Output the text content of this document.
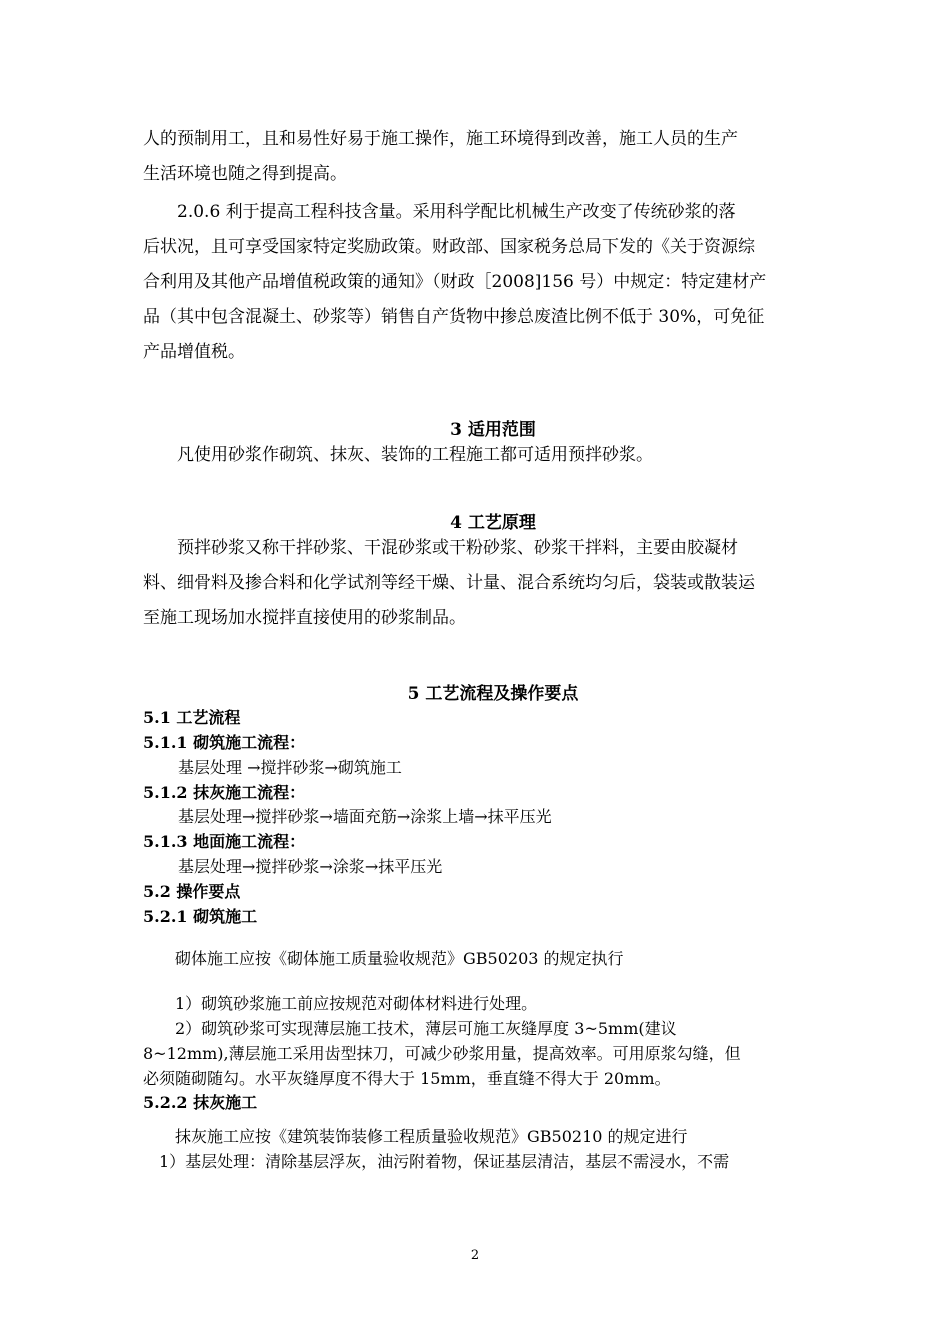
人的预制用工，且和易性好易于施工操作，施工环境得到改善，施工人员的生产
生活环境也随之得到提高。
　　2.0.6 利于提高工程科技含量。采用科学配比机械生产改变了传统砂浆的落
后状况，且可享受国家特定奖励政策。财政部、国家税务总局下发的《关于资源综
合利用及其他产品增值税政策的通知》（财政［2008]156 号）中规定：特定建材产
品（其中包含混凝土、砂浆等）销售自产货物中掺总废渣比例不低于 30%，可免征
产品增值税。
3 适用范围
　　凡使用砂浆作砌筑、抹灰、装饰的工程施工都可适用预拌砂浆。
4 工艺原理
　　预拌砂浆又称干拌砂浆、干混砂浆或干粉砂浆、砂浆干拌料，主要由胶凝材
料、细骨料及掺合料和化学试剂等经干燥、计量、混合系统均匀后，袋装或散装运
至施工现场加水搅拌直接使用的砂浆制品。
5 工艺流程及操作要点
5.1 工艺流程
5.1.1 砌筑施工流程：
基层处理 →搅拌砂浆→砌筑施工
5.1.2 抹灰施工流程：
基层处理→搅拌砂浆→墙面充筋→涂浆上墙→抹平压光
5.1.3 地面施工流程：
基层处理→搅拌砂浆→涂浆→抹平压光
5.2 操作要点
5.2.1 砌筑施工
　　砌体施工应按《砌体施工质量验收规范》GB50203 的规定执行
　　1）砌筑砂浆施工前应按规范对砌体材料进行处理。
　　2）砌筑砂浆可实现薄层施工技术，薄层可施工灰缝厚度 3~5mm(建议
8~12mm),薄层施工采用齿型抹刀，可减少砂浆用量，提高效率。可用原浆勾缝，但
必须随砌随勾。水平灰缝厚度不得大于 15mm，垂直缝不得大于 20mm。
5.2.2 抹灰施工
　　抹灰施工应按《建筑装饰装修工程质量验收规范》GB50210 的规定进行
　1）基层处理：清除基层浮灰，油污附着物，保证基层清洁，基层不需浸水，不需
2
